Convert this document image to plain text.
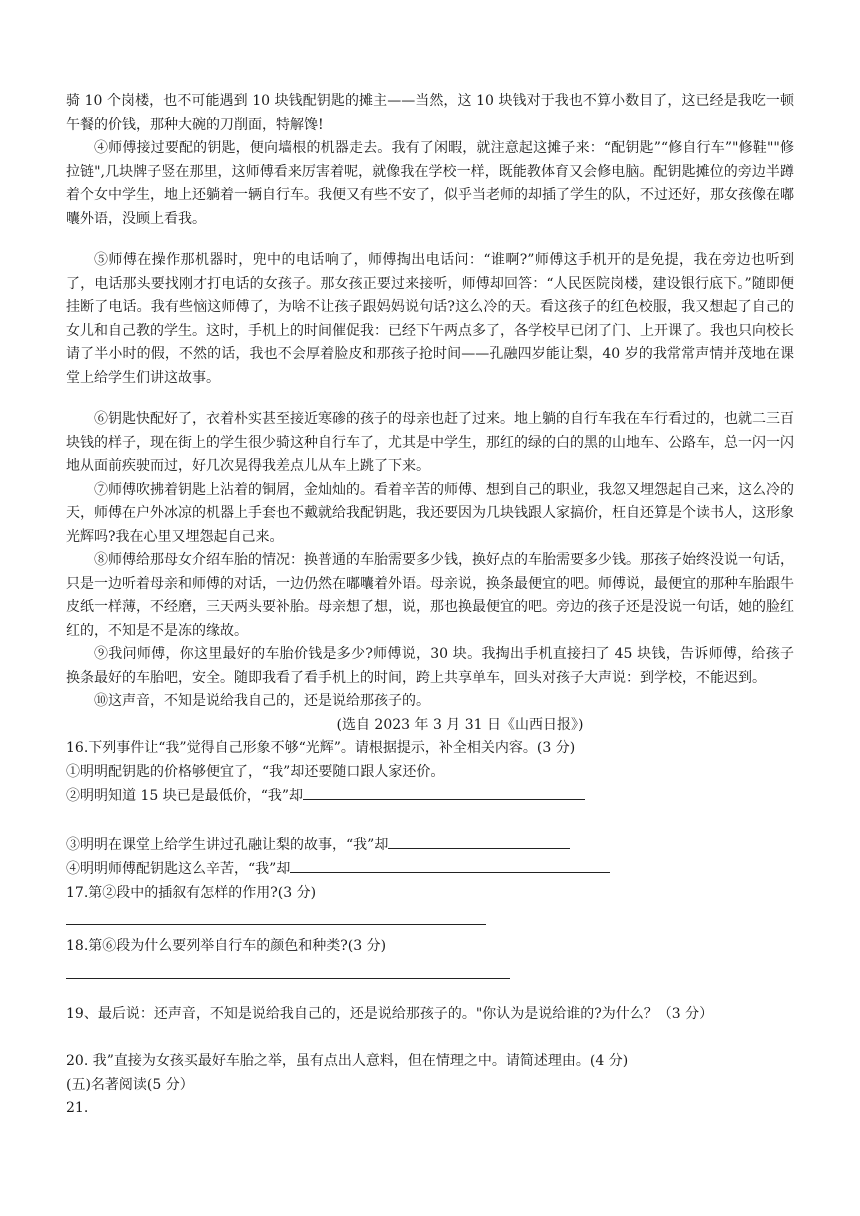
骑 10 个岗楼，也不可能遇到 10 块钱配钥匙的摊主——当然，这 10 块钱对于我也不算小数目了，这已经是我吃一顿午餐的价钱，那种大碗的刀削面，特解馋!

④师傅接过要配的钥匙，便向墙根的机器走去。我有了闲暇，就注意起这摊子来：“配钥匙”“修自行车”"修鞋""修拉链",几块牌子竖在那里，这师傅看来厉害着呢，就像我在学校一样，既能教体育又会修电脑。配钥匙摊位的旁边半蹲着个女中学生，地上还躺着一辆自行车。我便又有些不安了，似乎当老师的却插了学生的队，不过还好，那女孩像在嘟囔外语，没顾上看我。

⑤师傅在操作那机器时，兜中的电话响了，师傅掏出电话问：“谁啊?”师傅这手机开的是免提，我在旁边也听到了，电话那头要找刚才打电话的女孩子。那女孩正要过来接听，师傅却回答：“人民医院岗楼，建设银行底下。”随即便挂断了电话。我有些恼这师傅了，为啥不让孩子跟妈妈说句话?这么冷的天。看这孩子的红色校服，我又想起了自己的女儿和自己教的学生。这时，手机上的时间催促我：已经下午两点多了，各学校早已闭了门、上开课了。我也只向校长请了半小时的假，不然的话，我也不会厚着脸皮和那孩子抢时间——孔融四岁能让梨，40 岁的我常常声情并茂地在课堂上给学生们讲这故事。

⑥钥匙快配好了，衣着朴实甚至接近寒碜的孩子的母亲也赶了过来。地上躺的自行车我在车行看过的，也就二三百块钱的样子，现在街上的学生很少骑这种自行车了，尤其是中学生，那红的绿的白的黑的山地车、公路车，总一闪一闪地从面前疾驶而过，好几次晃得我差点儿从车上跳了下来。

⑦师傅吹拂着钥匙上沾着的铜屑，金灿灿的。看着辛苦的师傅、想到自己的职业，我忽又埋怨起自己来，这么冷的天，师傅在户外冰凉的机器上手套也不戴就给我配钥匙，我还要因为几块钱跟人家搞价，枉自还算是个读书人，这形象光辉吗?我在心里又埋怨起自己来。

⑧师傅给那母女介绍车胎的情况：换普通的车胎需要多少钱，换好点的车胎需要多少钱。那孩子始终没说一句话，只是一边听着母亲和师傅的对话，一边仍然在嘟囔着外语。母亲说，换条最便宜的吧。师傅说，最便宜的那种车胎跟牛皮纸一样薄，不经磨，三天两头要补胎。母亲想了想，说，那也换最便宜的吧。旁边的孩子还是没说一句话，她的脸红红的，不知是不是冻的缘故。

⑨我问师傅，你这里最好的车胎价钱是多少?师傅说，30 块。我掏出手机直接扫了 45 块钱，告诉师傅，给孩子换条最好的车胎吧，安全。随即我看了看手机上的时间，跨上共享单车，回头对孩子大声说：到学校，不能迟到。

⑩这声音，不知是说给我自己的，还是说给那孩子的。

(选自 2023 年 3 月 31 日《山西日报》)

16.下列事件让“我”觉得自己形象不够“光辉”。请根据提示，补全相关内容。(3 分)

①明明配钥匙的价格够便宜了，“我”却还要随口跟人家还价。

②明明知道 15 块已是最低价，“我”却

③明明在课堂上给学生讲过孔融让梨的故事，“我”却

④明明师傅配钥匙这么辛苦，“我”却

17.第②段中的插叙有怎样的作用?(3 分)

18.第⑥段为什么要列举自行车的颜色和种类?(3 分)

19、最后说：还声音，不知是说给我自己的，还是说给那孩子的。"你认为是说给谁的?为什么？（3 分）

20. 我”直接为女孩买最好车胎之举，虽有点出人意料，但在情理之中。请简述理由。(4 分)

(五)名著阅读(5 分）

21.
